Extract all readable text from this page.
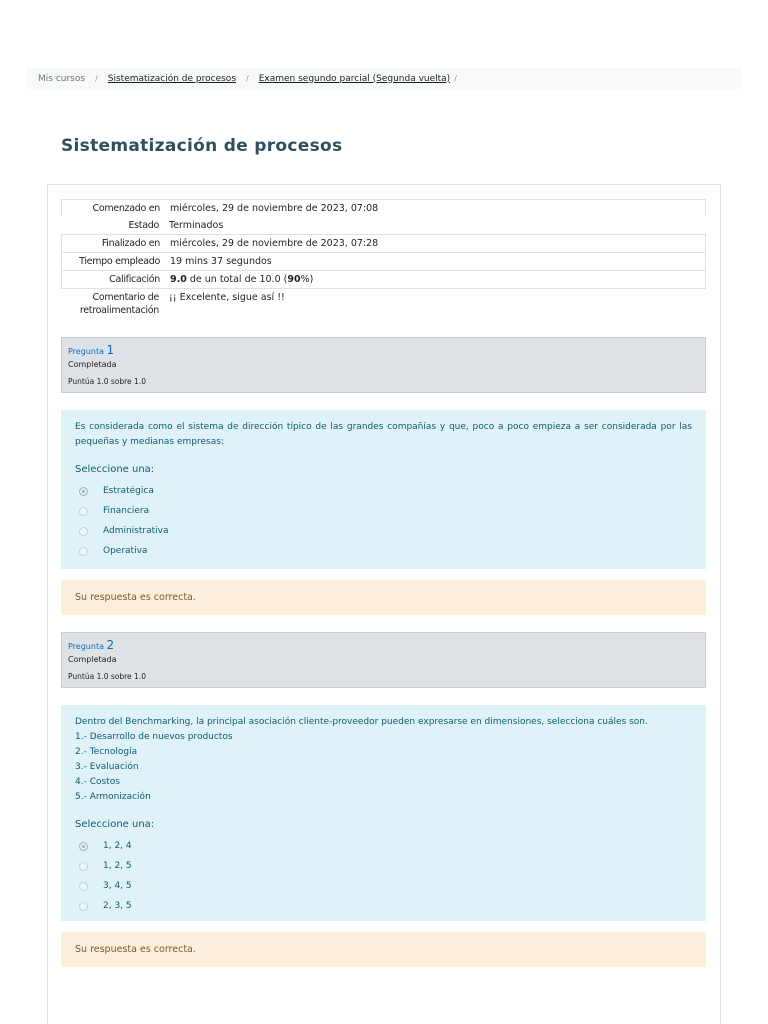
Mis cursos / Sistematización de procesos / Examen segundo parcial (Segunda vuelta) /
Sistematización de procesos
Comenzado en	miércoles, 29 de noviembre de 2023, 07:08
Estado	Terminados
Finalizado en	miércoles, 29 de noviembre de 2023, 07:28
Tiempo empleado	19 mins 37 segundos
Calificación	9.0 de un total de 10.0 (90%)
Comentario de retroalimentación
¡¡ Excelente, sigue así !!
Pregunta 1
Completada
Puntúa 1.0 sobre 1.0
Es considerada como el sistema de dirección típico de las grandes compañías y que, poco a poco empieza a ser considerada por las pequeñas y medianas empresas:
Seleccione una:
Estratégica
Financiera
Administrativa
Operativa
Su respuesta es correcta.
Pregunta 2
Completada
Puntúa 1.0 sobre 1.0
Dentro del Benchmarking, la principal asociación cliente-proveedor pueden expresarse en dimensiones, selecciona cuáles son.
1.- Desarrollo de nuevos productos
2.- Tecnología
3.- Evaluación
4.- Costos
5.- Armonización
Seleccione una:
1, 2, 4
1, 2, 5
3, 4, 5
2, 3, 5
Su respuesta es correcta.
